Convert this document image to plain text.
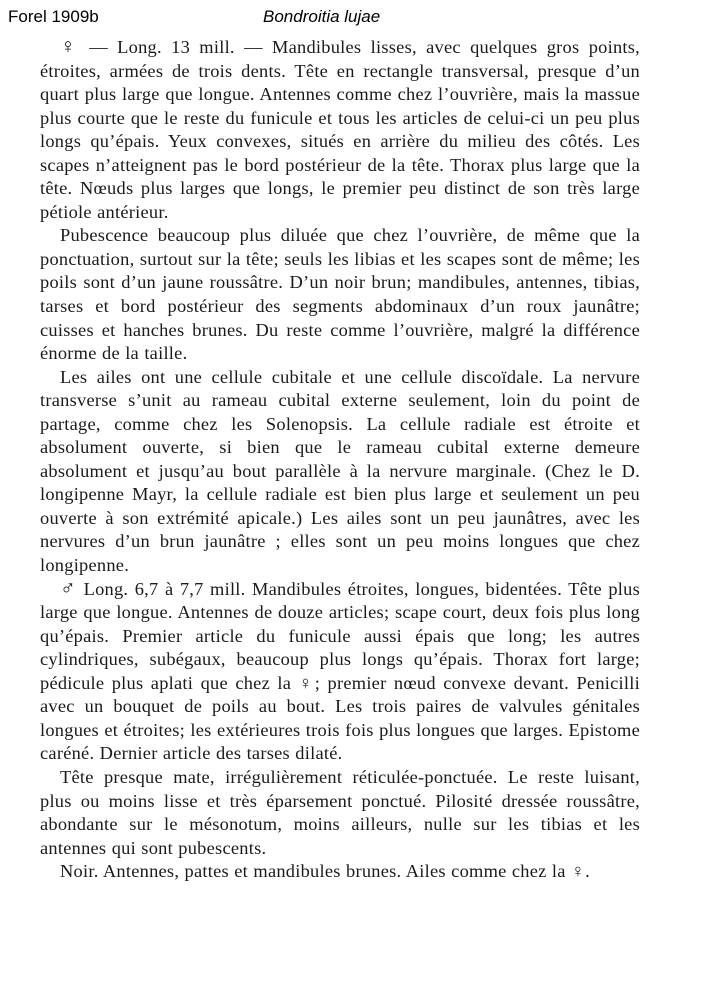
Forel 1909b	Bondroitia lujae

♀ — Long. 13 mill. — Mandibules lisses, avec quelques gros points, étroites, armées de trois dents. Tête en rectangle transversal, presque d’un quart plus large que longue. Antennes comme chez l’ouvrière, mais la massue plus courte que le reste du funicule et tous les articles de celui-ci un peu plus longs qu’épais. Yeux convexes, situés en arrière du milieu des côtés. Les scapes n’atteignent pas le bord postérieur de la tête. Thorax plus large que la tête. Nœuds plus larges que longs, le premier peu distinct de son très large pétiole antérieur.

Pubescence beaucoup plus diluée que chez l’ouvrière, de même que la ponctuation, surtout sur la tête; seuls les libias et les scapes sont de même; les poils sont d’un jaune roussâtre. D’un noir brun; mandibules, antennes, tibias, tarses et bord postérieur des segments abdominaux d’un roux jaunâtre; cuisses et hanches brunes. Du reste comme l’ouvrière, malgré la différence énorme de la taille.

Les ailes ont une cellule cubitale et une cellule discoïdale. La nervure transverse s’unit au rameau cubital externe seulement, loin du point de partage, comme chez les Solenopsis. La cellule radiale est étroite et absolument ouverte, si bien que le rameau cubital externe demeure absolument et jusqu’au bout parallèle à la nervure marginale. (Chez le D. longipenne Mayr, la cellule radiale est bien plus large et seulement un peu ouverte à son extrémité apicale.) Les ailes sont un peu jaunâtres, avec les nervures d’un brun jaunâtre ; elles sont un peu moins longues que chez longipenne.

♂ Long. 6,7 à 7,7 mill. Mandibules étroites, longues, bidentées. Tête plus large que longue. Antennes de douze articles; scape court, deux fois plus long qu’épais. Premier article du funicule aussi épais que long; les autres cylindriques, subégaux, beaucoup plus longs qu’épais. Thorax fort large; pédicule plus aplati que chez la ♀; premier nœud convexe devant. Penicilli avec un bouquet de poils au bout. Les trois paires de valvules génitales longues et étroites; les extérieures trois fois plus longues que larges. Epistome caréné. Dernier article des tarses dilaté.

Tête presque mate, irrégulièrement réticulée-ponctuée. Le reste luisant, plus ou moins lisse et très éparsement ponctué. Pilosité dressée roussâtre, abondante sur le mésonotum, moins ailleurs, nulle sur les tibias et les antennes qui sont pubescents.

Noir. Antennes, pattes et mandibules brunes. Ailes comme chez la ♀.
